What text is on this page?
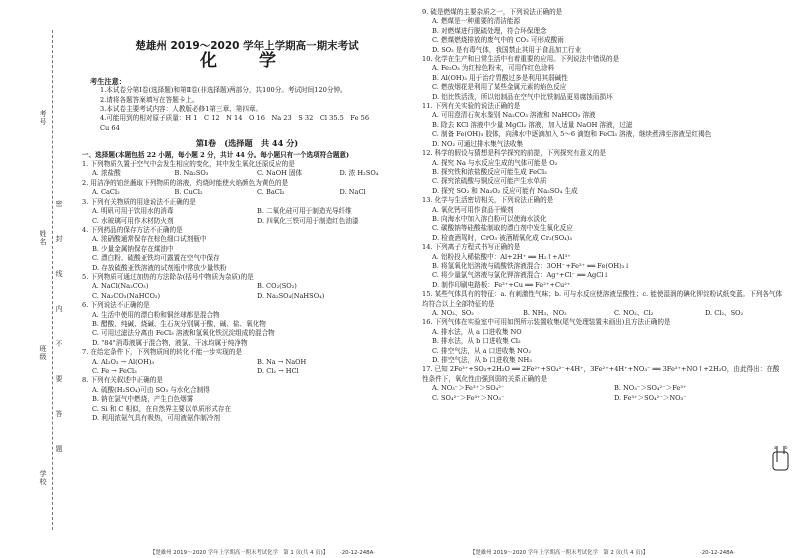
考号
姓名
班级
学校
密
封
线
内
不
要
答
题
楚雄州 2019～2020 学年上学期高一期末考试
化 学
考生注意：
1.本试卷分第Ⅰ卷(选择题)和第Ⅱ卷(非选择题)两部分，共100分。考试时间120分钟。
2.请将各题答案填写在答题卡上。
3.本试卷主要考试内容：人教版必修1第三章、第四章。
4.可能用到的相对原子质量：H 1　C 12　N 14　O 16　Na 23　S 32　Cl 35.5　Fe 56
Cu 64
第Ⅰ卷　(选择题　共 44 分)
一、选择题(本题包括 22 小题，每小题 2 分，共计 44 分。每小题只有一个选项符合题意)
1. 下列物质久置于空气中会发生相应的变化，其中发生氧化还原反应的是
A. 浓盐酸	B. Na₂SO₃	C. NaOH 固体	D. 浓 H₂SO₄
2. 用洁净的铂丝蘸取下列物质的溶液，灼烧时能使火焰颜色为黄色的是
A. CaCl₂	B. CuCl₂	C. BaCl₂	D. NaCl
3. 下列有关物质的用途说法不正确的是
A. 明矾可用于饮用水的消毒	B. 二氧化硅可用于制造光导纤维
C. 水玻璃可用作木材防火剂	D. 四氧化三铁可用于制造红色油漆
4. 下列药品的保存方法不正确的是
A. 浓硝酸通常保存在棕色细口试剂瓶中
B. 少量金属钠保存在煤油中
C. 漂白粉、硫酸亚铁均可露置在空气中保存
D. 存放硫酸亚铁溶液的试剂瓶中常放少量铁粉
5. 下列物质可通过加热的方法除杂(括号中物质为杂质)的是
A. NaCl(Na₂CO₃)	B. CO₂(SO₂)
C. Na₂CO₃(NaHCO₃)	D. Na₂SO₄(NaHSO₄)
6. 下列说法不正确的是
A. 生活中使用的漂白粉和铜丝球都是混合物
B. 醋酸、纯碱、烧碱、生石灰分别属于酸、碱、盐、氧化物
C. 可用过滤法分离由 FeCl₃ 溶液和氢氧化铁沉淀组成的混合物
D. "84"消毒液属于混合物，液氯、干冰均属于纯净物
7. 在给定条件下，下列物质间的转化不能一步实现的是
A. Al₂O₃ → Al(OH)₃	B. Na → NaOH
C. Fe → FeCl₃	D. Cl₂ → HCl
8. 下列有关叙述中正确的是
A. 硫酸(H₂SO₄)可由 SO₃ 与水化合制得
B. 钠在氯气中燃烧，产生白色烟雾
C. Si 和 C 相似，在自然界主要以单质形式存在
D. 利用浓氨气具有吸热，可用液氨作制冷剂
9. 硫是燃煤的主要杂质之一，下列说法正确的是
A. 燃煤是一种重要的清洁能源
B. 对燃煤进行脱硫处理，符合环保理念
C. 燃煤燃烧排放的废气中的 CO₂ 可形成酸雨
D. SO₂ 是有毒气体，我国禁止其用于食品加工行业
10. 化学在生产和日常生活中有着重要的应用。下列说法中错误的是
A. Fe₂O₃ 为红棕色粉末，可用作红色涂料
B. Al(OH)₃ 用于治疗胃酸过多是利用其弱碱性
C. 燃放烟花是利用了某些金属元素的焰色反应
D. 铝比铁活泼，所以铝制品在空气中比铁制品更易腐蚀而损坏
11. 下列有关实验的说法正确的是
A. 可用澄清石灰水鉴别 Na₂CO₃ 溶液和 NaHCO₃ 溶液
B. 除去 KCl 溶液中少量 MgCl₂ 溶液，加入适量 NaOH 溶液，过滤
C. 制备 Fe(OH)₃ 胶体，向沸水中逐滴加入 5～6 滴饱和 FeCl₃ 溶液，继续煮沸至溶液呈红褐色
D. NO₂ 可通过排水集气法收集
12. 科学的假设与猜想是科学探究的前提，下列探究有意义的是
A. 探究 Na 与水反应生成的气体可能是 O₂
B. 探究铁和浓盐酸反应可能生成 FeCl₃
C. 探究浓硫酸与铜反应可能产生水单质
D. 探究 SO₂ 和 Na₂O₂ 反应可能有 Na₂SO₄ 生成
13. 化学与生活密切相关，下列说法正确的是
A. 氧化钙可用作食品干燥剂
B. 向海水中加入溶白粉可以使海水淡化
C. 碳酸钠等硅酸盐制取的漂白剂中发生氧化反应
D. 检查酒驾时，CrO₃ 被酒精氧化成 Cr₂(SO₄)₃
14. 下列离子方程式书写正确的是
A. 铝粉投入稀盐酸中：Al+2H⁺ ══ H₂↑+Al³⁺
B. 将氢氧化铝溶液与硫酸铁溶液混合：3OH⁻+Fe³⁺ ══ Fe(OH)₃↓
C. 将少量氯气溶液与氯化钾溶液混合：Ag⁺+Cl⁻ ══ AgCl↓
D. 制作印刷电路板：Fe³⁺+Cu ══ Fe²⁺+Cu²⁺
15. 某些气体具有的特征：a. 有刺激性气味；b. 可与水反应使溶液呈酸性；c. 能使湿润的碘化钾淀粉试纸变蓝。下列各气体均符合以上全部特征的是
A. NO₂、SO₂	B. NH₃、NO₂	C. NO₂、Cl₂	D. Cl₂、SO₂
16. 下列气体在实验室中可用如图所示装置收集(尾气处理装置未画出)且方法正确的是
A. 排水法，从 a 口进收集 NO
B. 排水法，从 b 口进收集 Cl₂
C. 排空气法，从 a 口进收集 NO₂
D. 排空气法，从 b 口进收集 NH₃
17. 已知 2Fe³⁺+SO₂+2H₂O ══ 2Fe²⁺+SO₄²⁻+4H⁺，3Fe²⁺+4H⁺+NO₃⁻ ══ 3Fe³⁺+NO↑+2H₂O，由此得出：在酸性条件下，氧化性由强到弱的关系正确的是
A. NO₃⁻＞Fe³⁺＞SO₄²⁻	B. NO₃⁻＞SO₄²⁻＞Fe³⁺
C. SO₄²⁻＞Fe³⁺＞NO₃⁻	D. Fe³⁺＞SO₄²⁻＞NO₃⁻
a b
【楚雄州 2019～2020 学年上学期高一期末考试化学　第 1 页(共 4 页)】 ·20-12-248A·	【楚雄州 2019～2020 学年上学期高一期末考试化学　第 2 页(共 4 页)】	·20-12-248A·
